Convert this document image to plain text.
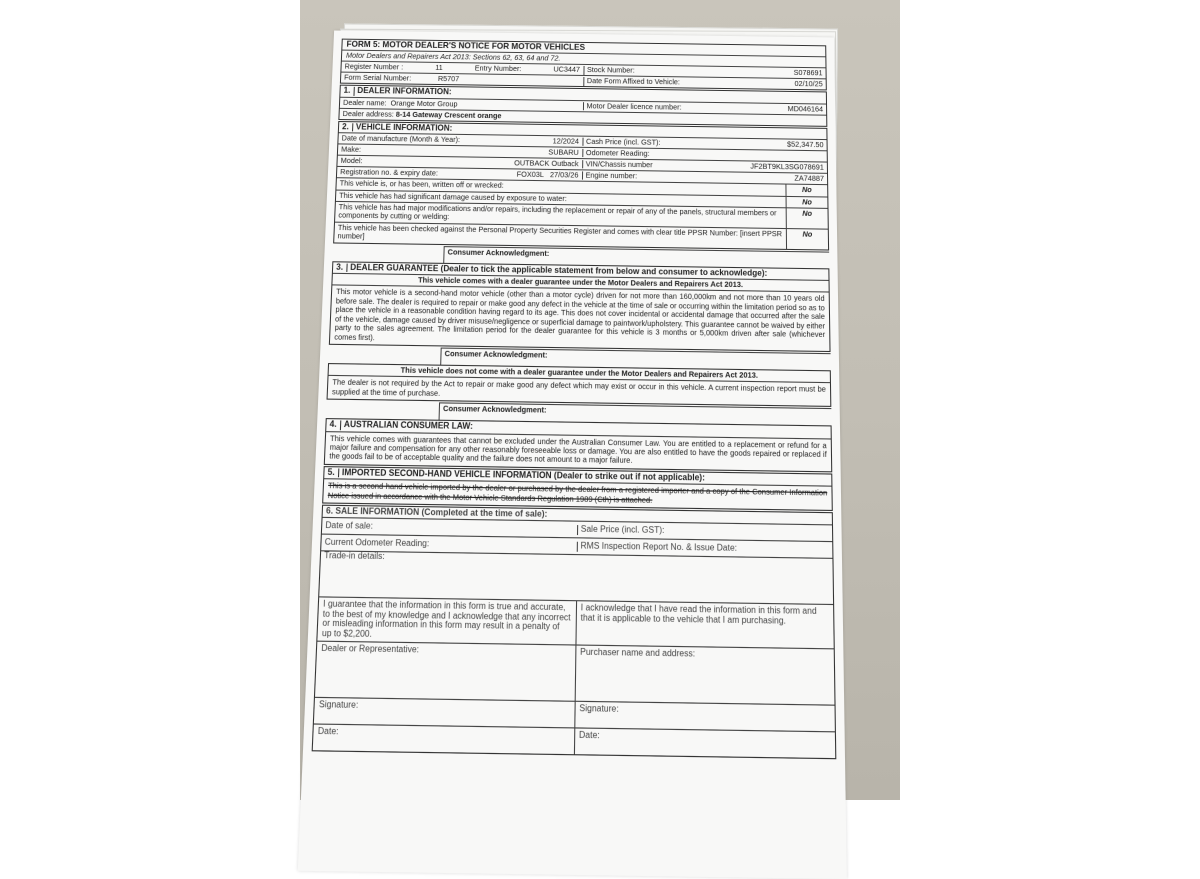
FORM 5: MOTOR DEALER'S NOTICE FOR MOTOR VEHICLES
Motor Dealers and Repairers Act 2013: Sections 62, 63, 64 and 72.
Register Number :	11	Entry Number:	UC3447 Stock Number:	S078691
Form Serial Number:	R5707	Date Form Affixed to Vehicle:	02/10/25
1. DEALER INFORMATION:
Dealer name: Orange Motor Group	Motor Dealer licence number:	MD046164
Dealer address: 8-14 Gateway Crescent orange
2. VEHICLE INFORMATION:
Date of manufacture (Month & Year):	12/2024 Cash Price (incl. GST):	$52,347.50
Make:	SUBARU Odometer Reading:
Model:	OUTBACK Outback VIN/Chassis number	JF2BT9KL3SG078691
Registration no. & expiry date:	FOX03L 27/03/26 Engine number:	ZA74887
This vehicle is, or has been, written off or wrecked:	No
This vehicle has had significant damage caused by exposure to water:	No
This vehicle has had major modifications and/or repairs, including the replacement or repair of any of the panels, structural members or components by cutting or welding:	No
This vehicle has been checked against the Personal Property Securities Register and comes with clear title PPSR Number: [insert PPSR number]	No
Consumer Acknowledgment:
3. DEALER GUARANTEE (Dealer to tick the applicable statement from below and consumer to acknowledge):
This vehicle comes with a dealer guarantee under the Motor Dealers and Repairers Act 2013.
This motor vehicle is a second-hand motor vehicle (other than a motor cycle) driven for not more than 160,000km and not more than 10 years old before sale. The dealer is required to repair or make good any defect in the vehicle at the time of sale or occurring within the limitation period so as to place the vehicle in a reasonable condition having regard to its age. This does not cover incidental or accidental damage that occurred after the sale of the vehicle, damage caused by driver misuse/negligence or superficial damage to paintwork/upholstery. This guarantee cannot be waived by either party to the sales agreement. The limitation period for the dealer guarantee for this vehicle is 3 months or 5,000km driven after sale (whichever comes first).
Consumer Acknowledgment:
This vehicle does not come with a dealer guarantee under the Motor Dealers and Repairers Act 2013.
The dealer is not required by the Act to repair or make good any defect which may exist or occur in this vehicle. A current inspection report must be supplied at the time of purchase.
Consumer Acknowledgment:
4. AUSTRALIAN CONSUMER LAW:
This vehicle comes with guarantees that cannot be excluded under the Australian Consumer Law. You are entitled to a replacement or refund for a major failure and compensation for any other reasonably foreseeable loss or damage. You are also entitled to have the goods repaired or replaced if the goods fail to be of acceptable quality and the failure does not amount to a major failure.
5. IMPORTED SECOND-HAND VEHICLE INFORMATION (Dealer to strike out if not applicable):
This is a second-hand vehicle imported by the dealer or purchased by the dealer from a registered importer and a copy of the Consumer Information Notice issued in accordance with the Motor Vehicle Standards Regulation 1989 (Cth) is attached.
6. SALE INFORMATION (Completed at the time of sale):
Date of sale:	Sale Price (incl. GST):
Current Odometer Reading:	RMS Inspection Report No. & Issue Date:
Trade-in details:
I guarantee that the information in this form is true and accurate, to the best of my knowledge and I acknowledge that any incorrect or misleading information in this form may result in a penalty of up to $2,200.
I acknowledge that I have read the information in this form and that it is applicable to the vehicle that I am purchasing.
Dealer or Representative:	Purchaser name and address:
Signature:	Signature:
Date:	Date:
